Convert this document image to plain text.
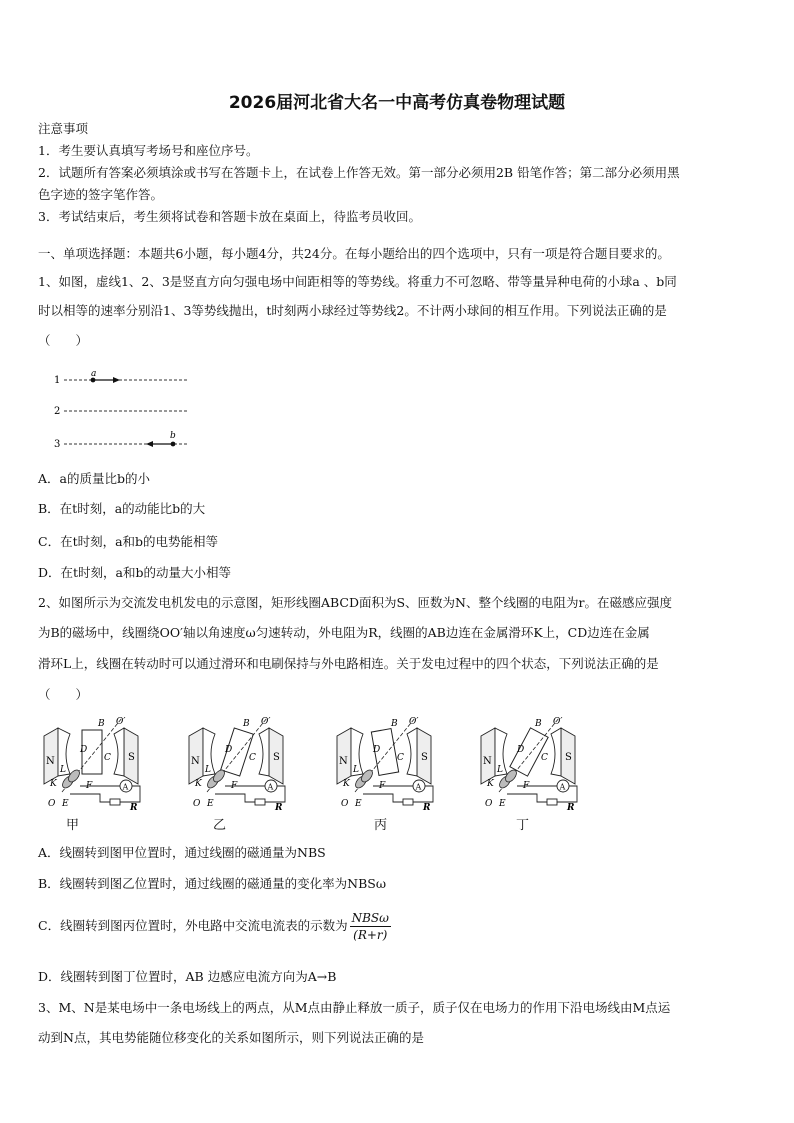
2026届河北省大名一中高考仿真卷物理试题
注意事项
1．考生要认真填写考场号和座位序号。
2．试题所有答案必须填涂或书写在答题卡上，在试卷上作答无效。第一部分必须用2B 铅笔作答；第二部分必须用黑
色字迹的签字笔作答。
3．考试结束后，考生须将试卷和答题卡放在桌面上，待监考员收回。
一、单项选择题：本题共6小题，每小题4分，共24分。在每小题给出的四个选项中，只有一项是符合题目要求的。
1、如图，虚线1、2、3是竖直方向匀强电场中间距相等的等势线。将重力不可忽略、带等量异种电荷的小球a 、b同
时以相等的速率分别沿1、3等势线抛出，t时刻两小球经过等势线2。不计两小球间的相互作用。下列说法正确的是
（　　）
1
a
2
3
b
A．a的质量比b的小
B．在t时刻，a的动能比b的大
C．在t时刻，a和b的电势能相等
D．在t时刻，a和b的动量大小相等
2、如图所示为交流发电机发电的示意图，矩形线圈ABCD面积为S、匝数为N、整个线圈的电阻为r。在磁感应强度
为B的磁场中，线圈绕OO′轴以角速度ω匀速转动，外电阻为R，线圈的AB边连在金属滑环K上，CD边连在金属
滑环L上，线圈在转动时可以通过滑环和电刷保持与外电路相连。关于发电过程中的四个状态，下列说法正确的是
（　　）
N	S
B
D
C
O′
K
L
O E
F	A
R
N	S
B
D
C
O′
K
L
O E
F	A
R
N	S
B
D
C
O′
K
L
O E
F	A
R
N	S
B
D
C
O′
K
L
O E
F	A
R
甲	乙	丙	丁
A．线圈转到图甲位置时，通过线圈的磁通量为NBS
B．线圈转到图乙位置时，通过线圈的磁通量的变化率为NBSω
C．线圈转到图丙位置时，外电路中交流电流表的示数为 $\frac{\text{NBSω}}{(R+r)}$
D．线圈转到图丁位置时，AB 边感应电流方向为A→B
3、M、N是某电场中一条电场线上的两点，从M点由静止释放一质子，质子仅在电场力的作用下沿电场线由M点运
动到N点，其电势能随位移变化的关系如图所示，则下列说法正确的是
